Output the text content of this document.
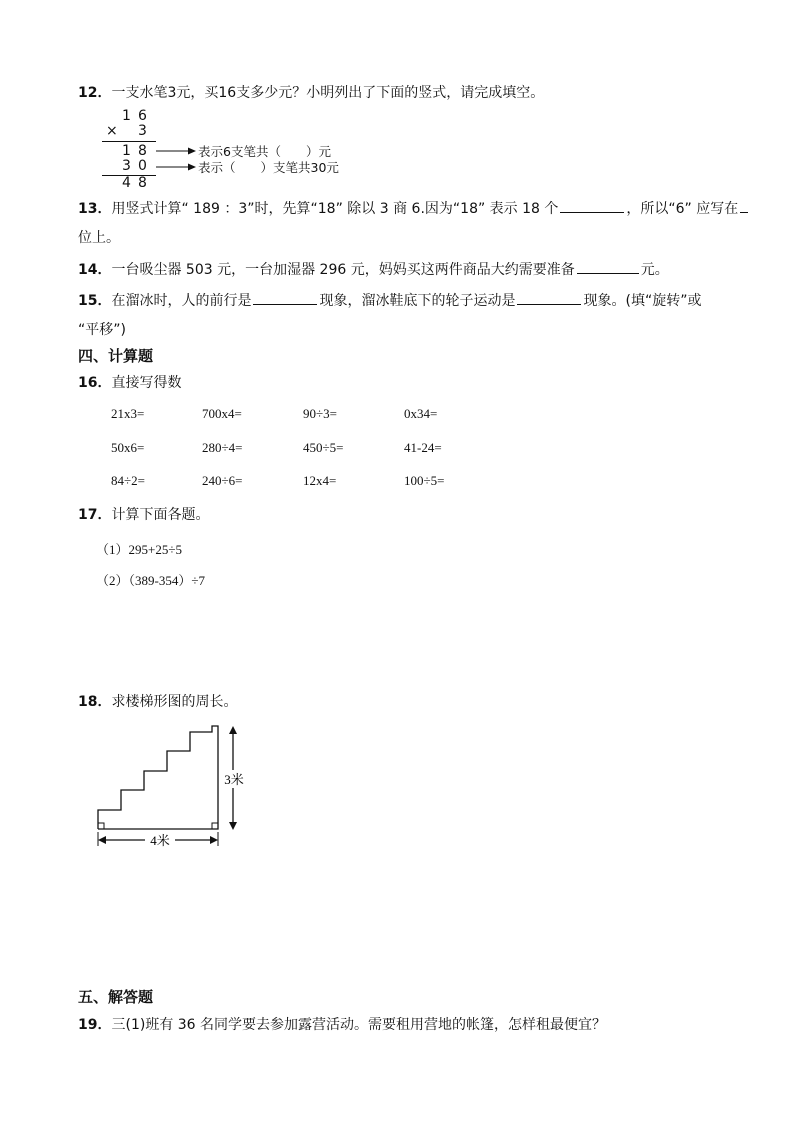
12．一支水笔3元，买16支多少元？小明列出了下面的竖式，请完成填空。
1 6
× 3
1 8
3 0
4 8
表示6支笔共（　　）元
表示（　　）支笔共30元
13．用竖式计算“ 189 ：3”时，先算“18” 除以 3 商 6.因为“18” 表示 18 个	，所以“6” 应写在
位上。
14．一台吸尘器 503 元，一台加湿器 296 元，妈妈买这两件商品大约需要准备	元。
15．在溜冰时，人的前行是	现象，溜冰鞋底下的轮子运动是	现象。(填“旋转”或
“平移”)
四、计算题
16．直接写得数
21x3=	700x4=	90÷3=	0x34=
50x6=	280÷4=	450÷5=	41-24=
84÷2=	240÷6=	12x4=	100÷5=
17．计算下面各题。
（1）295+25÷5
（2）（389-354）÷7
18．求楼梯形图的周长。
3米
4米
五、解答题
19．三(1)班有 36 名同学要去参加露营活动。需要租用营地的帐篷，怎样租最便宜？
